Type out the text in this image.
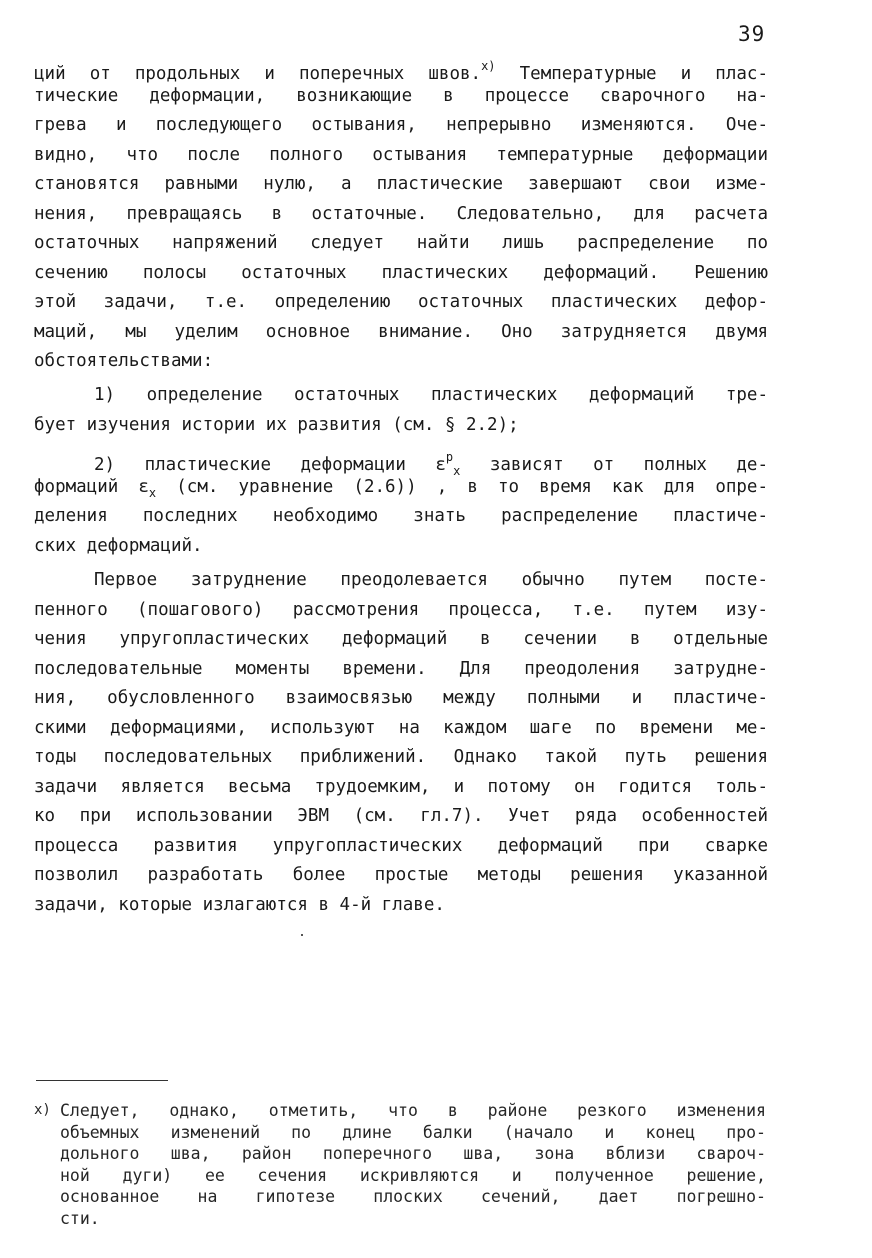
39
ций от продольных и поперечных швов.$^{x)}$ Температурные и плас-
тические деформации, возникающие в процессе сварочного на-
грева и последующего остывания, непрерывно изменяются. Оче-
видно, что после полного остывания температурные деформации
становятся равными нулю, а пластические завершают свои изме-
нения, превращаясь в остаточные. Следовательно, для расчета
остаточных напряжений следует найти лишь распределение по
сечению полосы остаточных пластических деформаций. Решению
этой задачи, т.е. определению остаточных пластических дефор-
маций, мы уделим основное внимание. Оно затрудняется двумя
обстоятельствами:
1) определение остаточных пластических деформаций тре-
бует изучения истории их развития (см. § 2.2);
2) пластические деформации $\varepsilon^р_x$ зависят от полных де-
формаций $\varepsilon_x$ (см. уравнение (2.6)) , в то время как для опре-
деления последних необходимо знать распределение пластиче-
ских деформаций.
Первое затруднение преодолевается обычно путем посте-
пенного (пошагового) рассмотрения процесса, т.е. путем изу-
чения упругопластических деформаций в сечении в отдельные
последовательные моменты времени. Для преодоления затрудне-
ния, обусловленного взаимосвязью между полными и пластиче-
скими деформациями, используют на каждом шаге по времени ме-
тоды последовательных приближений. Однако такой путь решения
задачи является весьма трудоемким, и потому он годится толь-
ко при использовании ЭВМ (см. гл.7). Учет ряда особенностей
процесса развития упругопластических деформаций при сварке
позволил разработать более простые методы решения указанной
задачи, которые излагаются в 4-й главе.
x) Следует, однако, отметить, что в районе резкого изменения
объемных изменений по длине балки (начало и конец про-
дольного шва, район поперечного шва, зона вблизи свароч-
ной дуги) ее сечения искривляются и полученное решение,
основанное на гипотезе плоских сечений, дает погрешно-
сти.
